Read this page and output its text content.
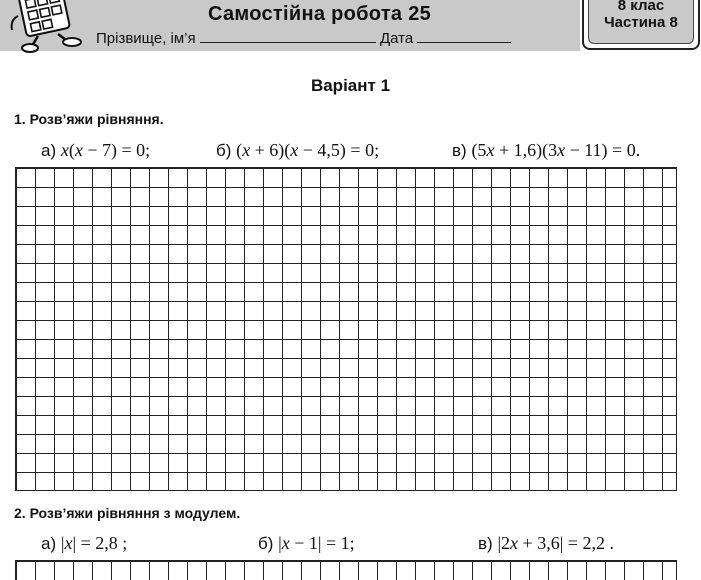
Самостійна робота 25
Прізвище, ім’я	Дата
8 клас
Частина 8
Варіант 1
1. Розв’яжи рівняння.
а) x(x − 7) = 0;	б) (x + 6)(x − 4,5) = 0;	в) (5x + 1,6)(3x − 11) = 0.
2. Розв’яжи рівняння з модулем.
а) |x| = 2,8 ;	б) |x − 1| = 1;	в) |2x + 3,6| = 2,2 .
